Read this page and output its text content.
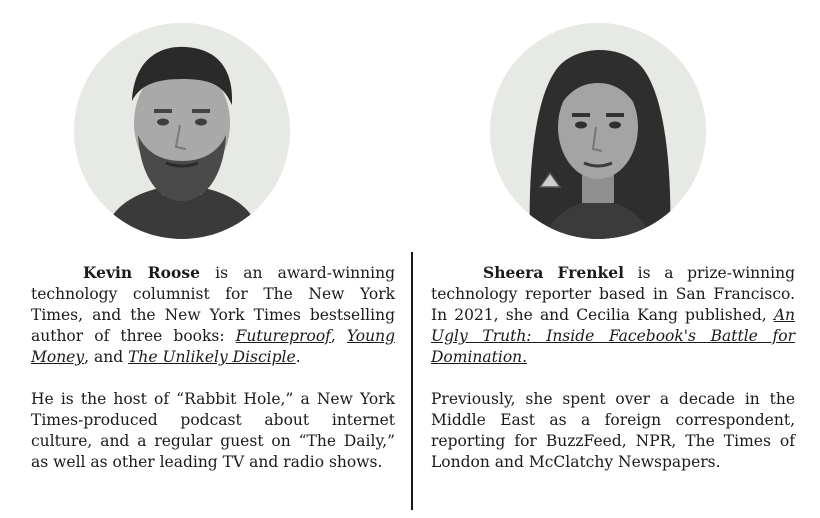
Kevin Roose is an award-winning technology columnist for The New York Times, and the New York Times bestselling author of three books: Futureproof, Young Money, and The Unlikely Disciple.

He is the host of “Rabbit Hole,” a New York Times-produced podcast about internet culture, and a regular guest on “The Daily,” as well as other leading TV and radio shows.

Sheera Frenkel is a prize-winning technology reporter based in San Francisco. In 2021, she and Cecilia Kang published, An Ugly Truth: Inside Facebook's Battle for Domination.

Previously, she spent over a decade in the Middle East as a foreign correspondent, reporting for BuzzFeed, NPR, The Times of London and McClatchy Newspapers.
